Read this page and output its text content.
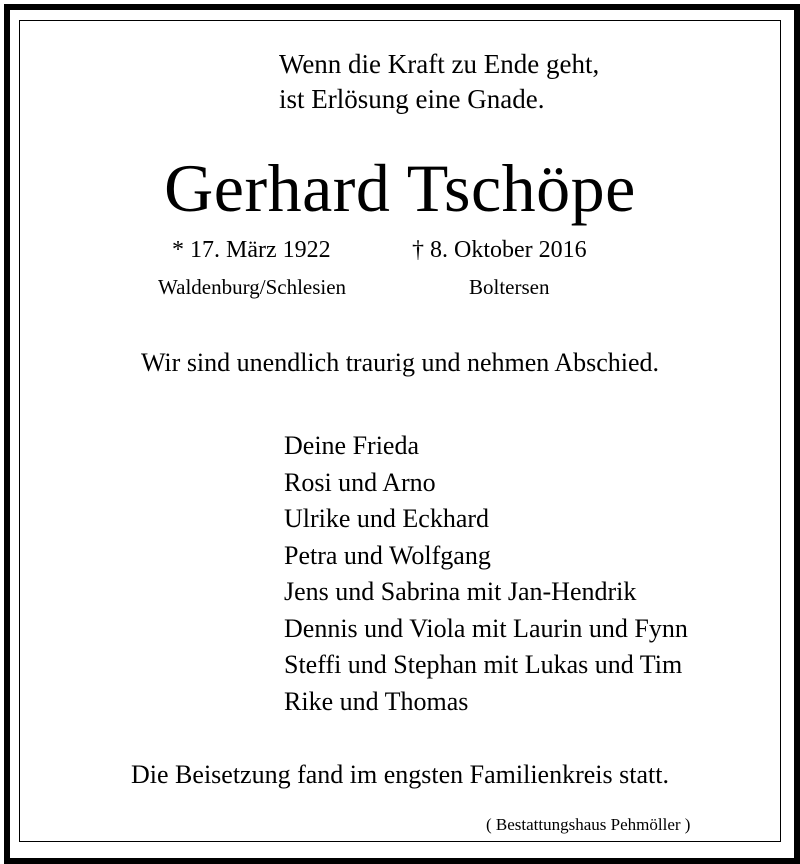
Wenn die Kraft zu Ende geht,
ist Erlösung eine Gnade.
Gerhard Tschöpe
* 17. März 1922	† 8. Oktober 2016
Waldenburg/Schlesien	Boltersen
Wir sind unendlich traurig und nehmen Abschied.
Deine Frieda
Rosi und Arno
Ulrike und Eckhard
Petra und Wolfgang
Jens und Sabrina mit Jan-Hendrik
Dennis und Viola mit Laurin und Fynn
Steffi und Stephan mit Lukas und Tim
Rike und Thomas
Die Beisetzung fand im engsten Familienkreis statt.
( Bestattungshaus Pehmöller )
